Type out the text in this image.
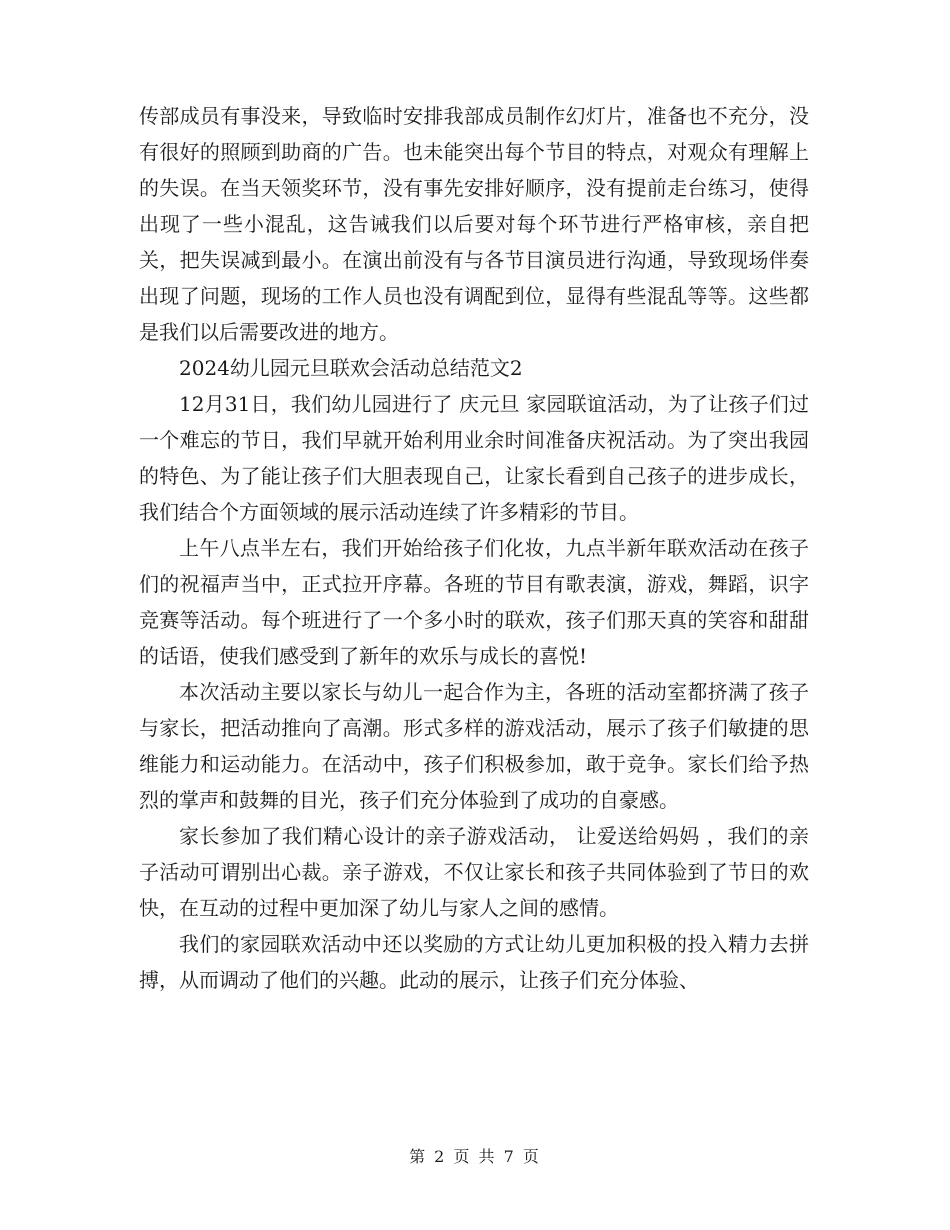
传部成员有事没来，导致临时安排我部成员制作幻灯片，准备也不充分，没有很好的照顾到助商的广告。也未能突出每个节目的特点，对观众有理解上的失误。在当天领奖环节，没有事先安排好顺序，没有提前走台练习，使得出现了一些小混乱，这告诫我们以后要对每个环节进行严格审核，亲自把关，把失误减到最小。在演出前没有与各节目演员进行沟通，导致现场伴奏出现了问题，现场的工作人员也没有调配到位，显得有些混乱等等。这些都是我们以后需要改进的地方。

2024幼儿园元旦联欢会活动总结范文2

12月31日，我们幼儿园进行了 庆元旦 家园联谊活动，为了让孩子们过一个难忘的节日，我们早就开始利用业余时间准备庆祝活动。为了突出我园的特色、为了能让孩子们大胆表现自己，让家长看到自己孩子的进步成长，我们结合个方面领域的展示活动连续了许多精彩的节目。

上午八点半左右，我们开始给孩子们化妆，九点半新年联欢活动在孩子们的祝福声当中，正式拉开序幕。各班的节目有歌表演，游戏，舞蹈，识字竞赛等活动。每个班进行了一个多小时的联欢，孩子们那天真的笑容和甜甜的话语，使我们感受到了新年的欢乐与成长的喜悦!

本次活动主要以家长与幼儿一起合作为主，各班的活动室都挤满了孩子与家长，把活动推向了高潮。形式多样的游戏活动，展示了孩子们敏捷的思维能力和运动能力。在活动中，孩子们积极参加，敢于竞争。家长们给予热烈的掌声和鼓舞的目光，孩子们充分体验到了成功的自豪感。

家长参加了我们精心设计的亲子游戏活动， 让爱送给妈妈 ，我们的亲子活动可谓别出心裁。亲子游戏，不仅让家长和孩子共同体验到了节日的欢快，在互动的过程中更加深了幼儿与家人之间的感情。

我们的家园联欢活动中还以奖励的方式让幼儿更加积极的投入精力去拼搏，从而调动了他们的兴趣。此动的展示，让孩子们充分体验、

第 2 页 共 7 页
